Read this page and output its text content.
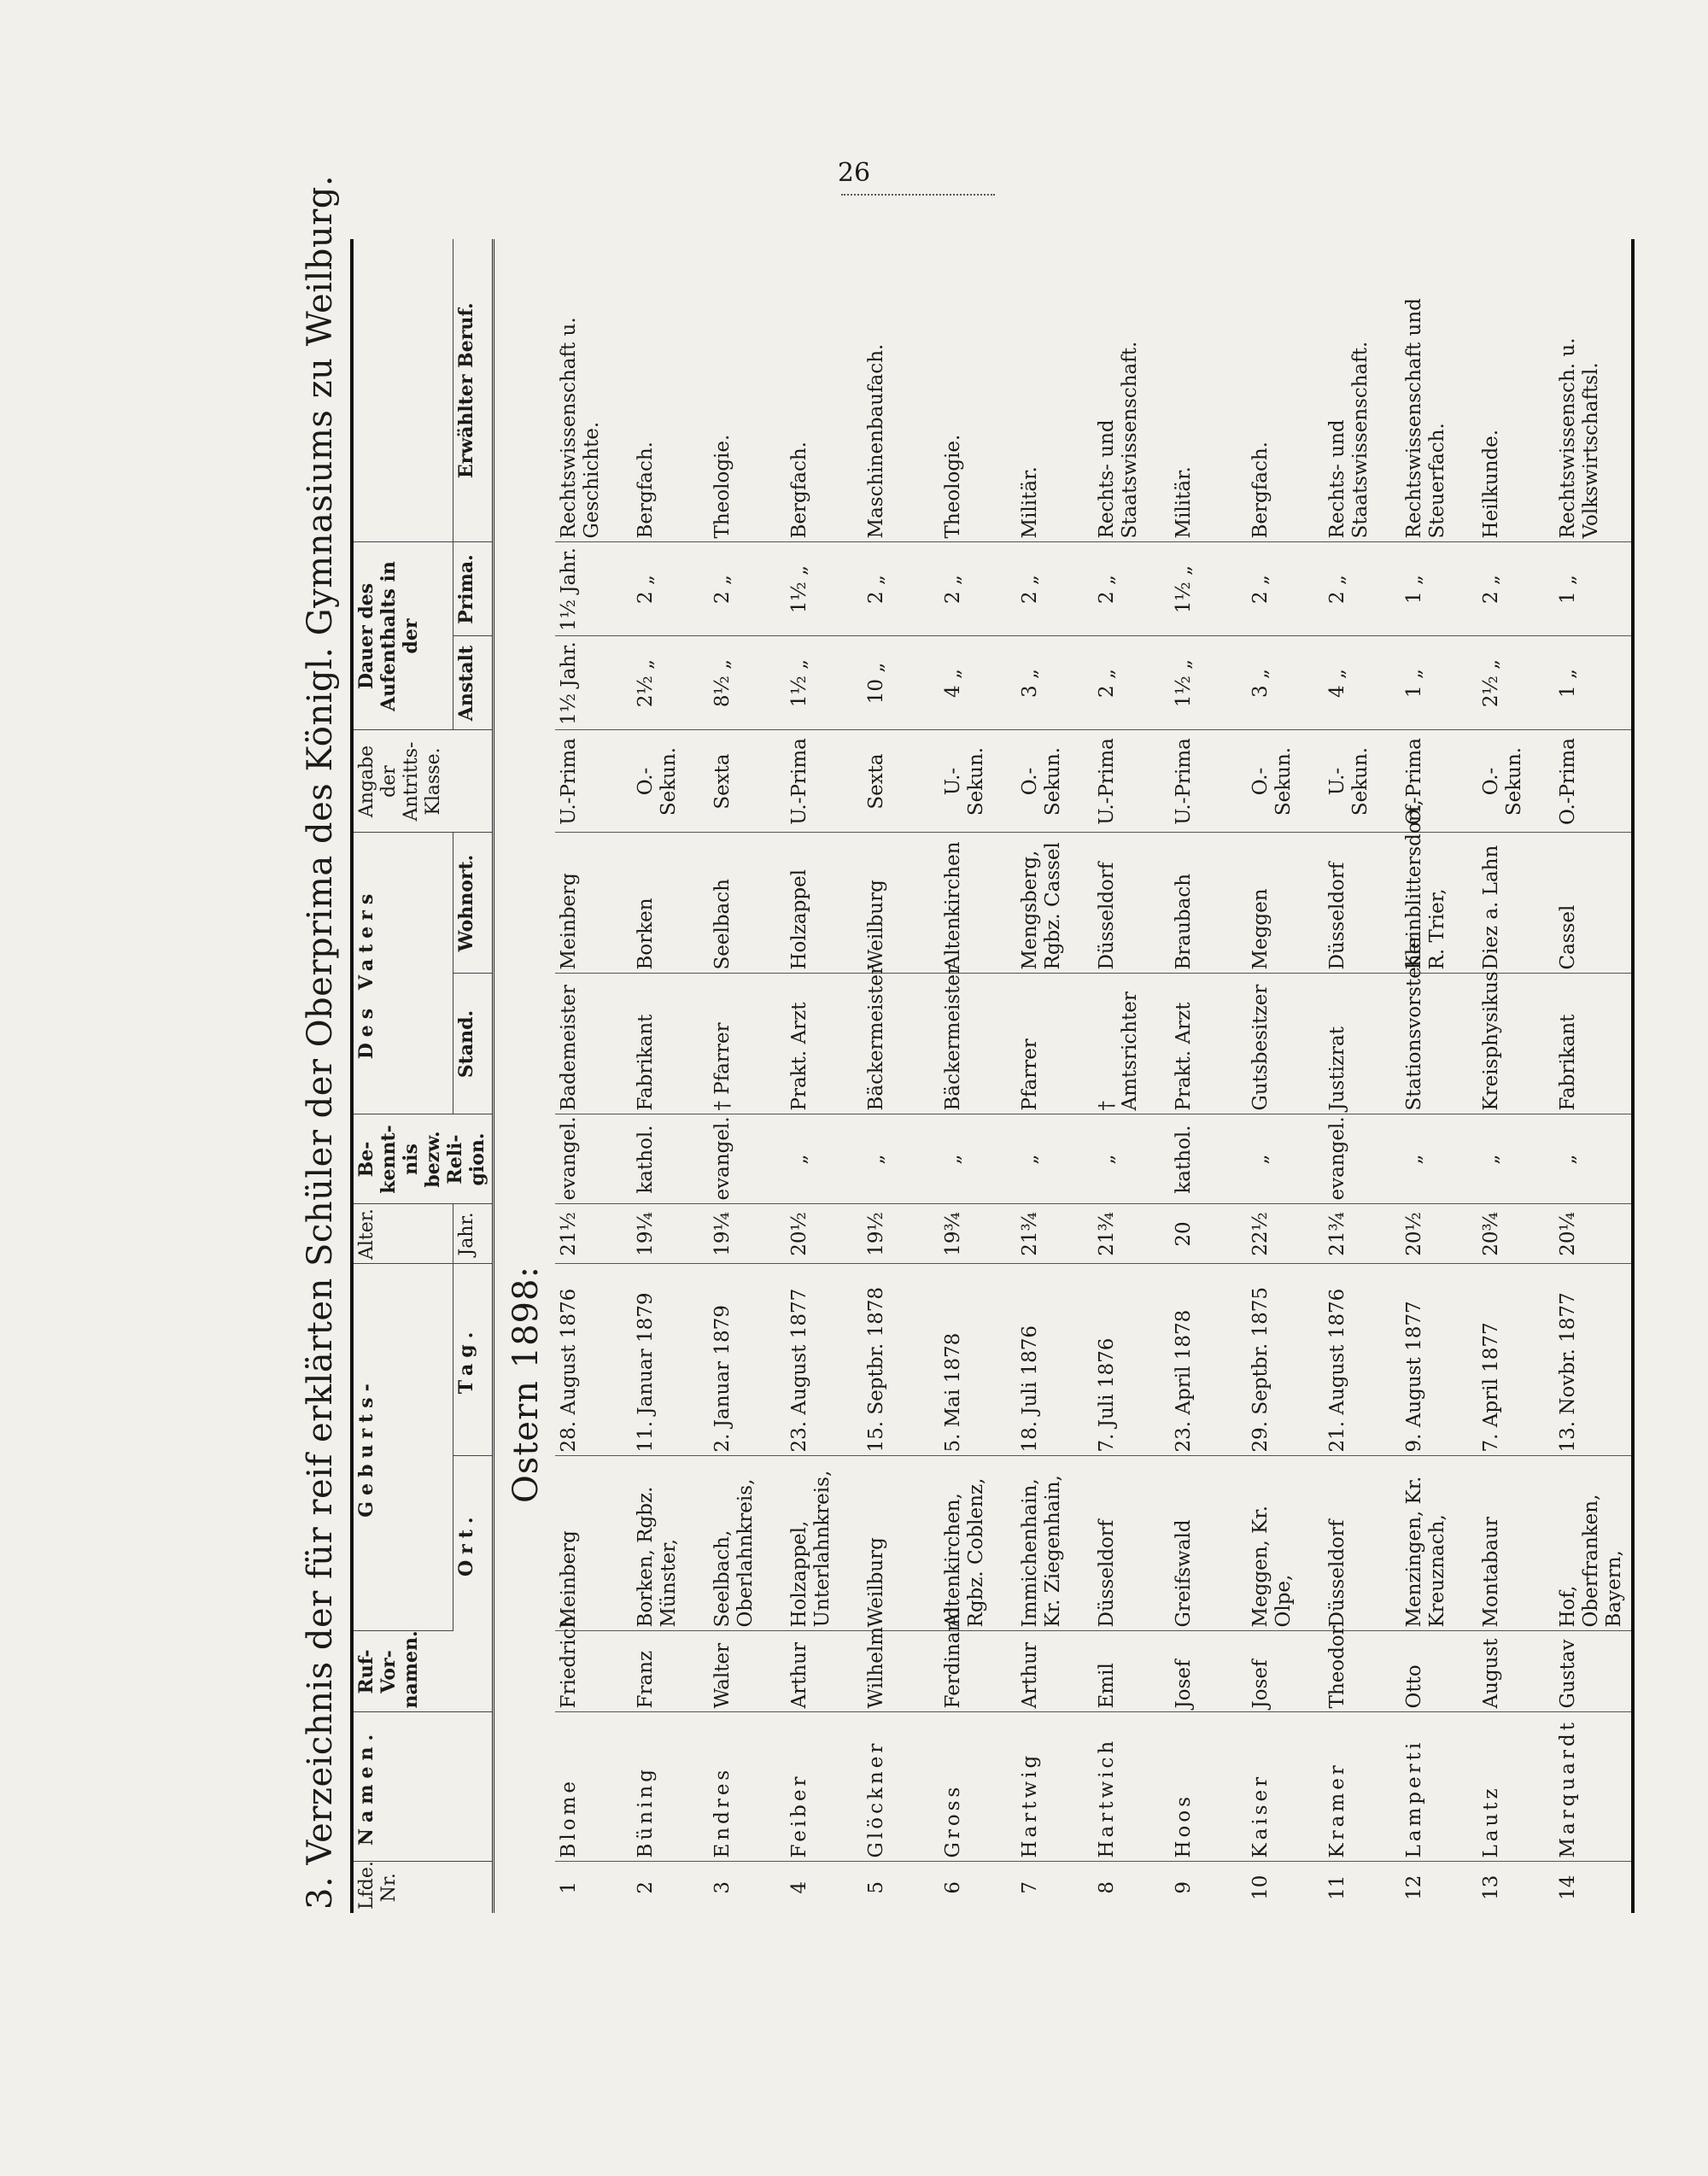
26
3. Verzeichnis der für reif erklärten Schüler der Oberprima des Königl. Gymnasiums zu Weilburg. Lfde. Nr.	Namen.	Ruf-Vor-namen.	Geburts-		Alter.	Be-kennt-nis bezw. Reli-gion.	Des Vaters		Angabe der Antritts-Klasse.	Dauer des Aufenthalts in der		
			Ort.	Tag.	Jahr.		Stand.	Wohnort.		Anstalt	Prima.	Erwählter Beruf.
Ostern 1898:												
1	Blome	Friedrich	Meinberg	28. August 1876	21½	evangel.	Bademeister	Meinberg	U.-Prima	1½ Jahr.	1½ Jahr.	Rechtswissenschaft u. Geschichte.
2	Büning	Franz	Borken, Rgbz. Münster,	11. Januar 1879	19¼	kathol.	Fabrikant	Borken	O.-Sekun.	2½ „	2 „	Bergfach.
3	Endres	Walter	Seelbach, Oberlahnkreis,	2. Januar 1879	19¼	evangel.	† Pfarrer	Seelbach	Sexta	8½ „	2 „	Theologie.
4	Feiber	Arthur	Holzappel, Unterlahnkreis,	23. August 1877	20½	„	Prakt. Arzt	Holzappel	U.-Prima	1½ „	1½ „	Bergfach.
5	Glöckner	Wilhelm	Weilburg	15. Septbr. 1878	19½	„	Bäckermeister	Weilburg	Sexta	10 „	2 „	Maschinenbaufach.
6	Gross	Ferdinand	Altenkirchen, Rgbz. Coblenz,	5. Mai 1878	19¾	„	Bäckermeister	Altenkirchen	U.-Sekun.	4 „	2 „	Theologie.
7	Hartwig	Arthur	Immichenhain, Kr. Ziegenhain,	18. Juli 1876	21¾	„	Pfarrer	Mengsberg, Rgbz. Cassel	O.-Sekun.	3 „	2 „	Militär.
8	Hartwich	Emil	Düsseldorf	7. Juli 1876	21¾	„	† Amtsrichter	Düsseldorf	U.-Prima	2 „	2 „	Rechts- und Staatswissenschaft.
9	Hoos	Josef	Greifswald	23. April 1878	20	kathol.	Prakt. Arzt	Braubach	U.-Prima	1½ „	1½ „	Militär.
10	Kaiser	Josef	Meggen, Kr. Olpe,	29. Septbr. 1875	22½	„	Gutsbesitzer	Meggen	O.-Sekun.	3 „	2 „	Bergfach.
11	Kramer	Theodor	Düsseldorf	21. August 1876	21¾	evangel.	Justizrat	Düsseldorf	U.-Sekun.	4 „	2 „	Rechts- und Staatswissenschaft.
12	Lamperti	Otto	Menzingen, Kr. Kreuznach,	9. August 1877	20½	„	Stationsvorsteher	Kleinblittersdorf, R. Trier,	O.-Prima	1 „	1 „	Rechtswissenschaft und Steuerfach.
13	Lautz	August	Montabaur	7. April 1877	20¾	„	Kreisphysikus	Diez a. Lahn	O.-Sekun.	2½ „	2 „	Heilkunde.
14	Marquardt	Gustav	Hof, Oberfranken, Bayern,	13. Novbr. 1877	20¼	„	Fabrikant	Cassel	O.-Prima	1 „	1 „	Rechtswissensch. u. Volkswirtschaftsl.
